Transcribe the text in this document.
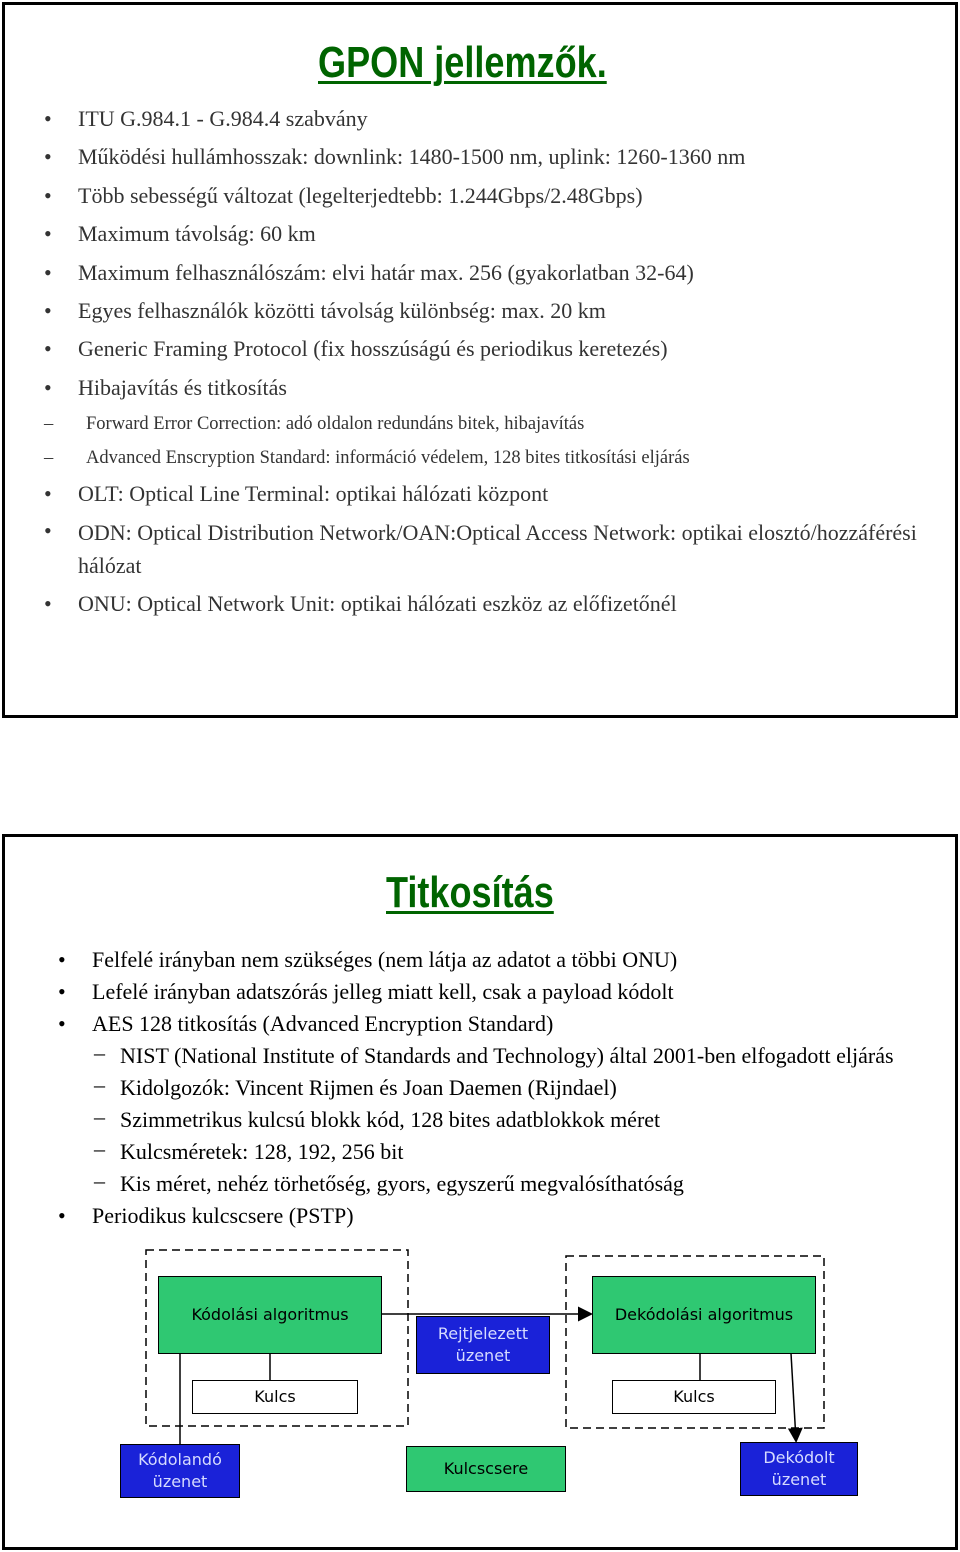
GPON jellemzők.
• ITU G.984.1 - G.984.4 szabvány
• Működési hullámhosszak: downlink: 1480-1500 nm, uplink: 1260-1360 nm
• Több sebességű változat (legelterjedtebb: 1.244Gbps/2.48Gbps)
• Maximum távolság: 60 km
• Maximum felhasználószám: elvi határ max. 256 (gyakorlatban 32-64)
• Egyes felhasználók közötti távolság különbség: max. 20 km
• Generic Framing Protocol (fix hosszúságú és periodikus keretezés)
• Hibajavítás és titkosítás
– Forward Error Correction: adó oldalon redundáns bitek, hibajavítás
– Advanced Enscryption Standard: információ védelem, 128 bites titkosítási eljárás
• OLT: Optical Line Terminal: optikai hálózati központ
• ODN: Optical Distribution Network/OAN:Optical Access Network: optikai elosztó/hozzáférési hálózat
• ONU: Optical Network Unit: optikai hálózati eszköz az előfizetőnél
Titkosítás
• Felfelé irányban nem szükséges (nem látja az adatot a többi ONU)
• Lefelé irányban adatszórás jelleg miatt kell, csak a payload kódolt
• AES 128 titkosítás (Advanced Encryption Standard)
– NIST (National Institute of Standards and Technology) által 2001-ben elfogadott eljárás
– Kidolgozók: Vincent Rijmen és Joan Daemen (Rijndael)
– Szimmetrikus kulcsú blokk kód, 128 bites adatblokkok méret
– Kulcsméretek: 128, 192, 256 bit
– Kis méret, nehéz törhetőség, gyors, egyszerű megvalósíthatóság
• Periodikus kulcscsere (PSTP)
Kódolási algoritmus	Dekódolási algoritmus
Rejtjelezett üzenet
Kulcs	Kulcs
Kódolandó üzenet
Kulcscsere
Dekódolt üzenet
